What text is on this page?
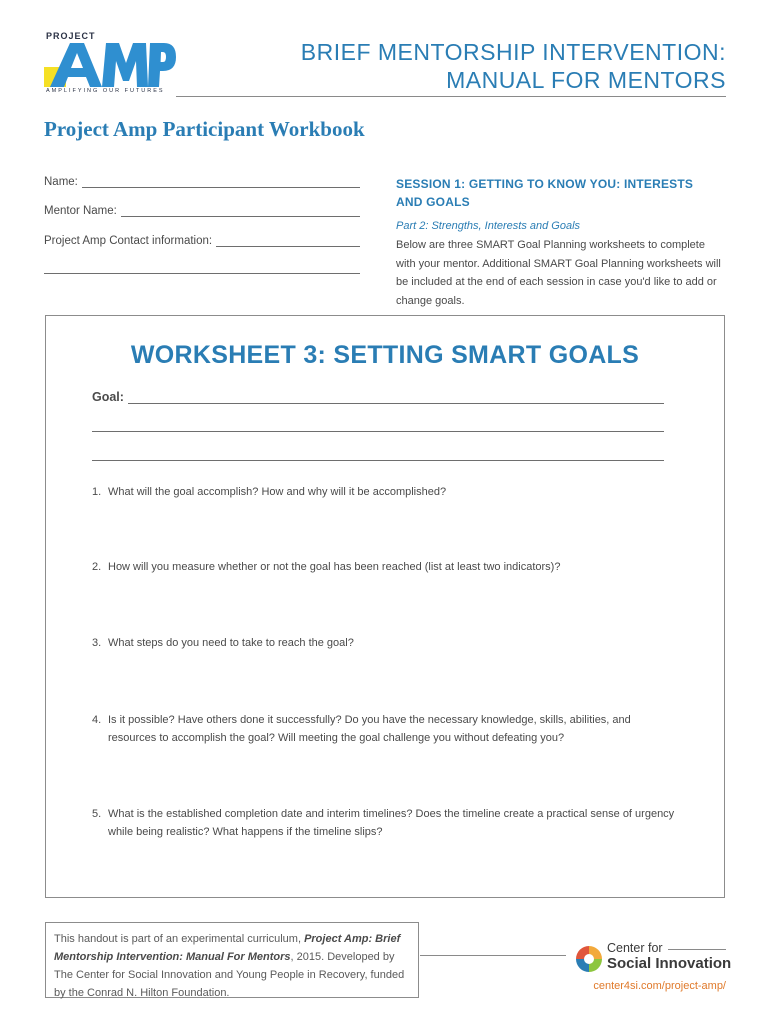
PROJECT
AMPLIFYING OUR FUTURES
BRIEF MENTORSHIP INTERVENTION:
MANUAL FOR MENTORS
Project Amp Participant Workbook
Name:
Mentor Name:
Project Amp Contact information:
SESSION 1: GETTING TO KNOW YOU: INTERESTS
AND GOALS
Part 2: Strengths, Interests and Goals
Below are three SMART Goal Planning worksheets to complete with your mentor. Additional SMART Goal Planning worksheets will be included at the end of each session in case you'd like to add or change goals.
WORKSHEET 3: SETTING SMART GOALS
Goal:
1. What will the goal accomplish? How and why will it be accomplished?
2. How will you measure whether or not the goal has been reached (list at least two indicators)?
3. What steps do you need to take to reach the goal?
4. Is it possible? Have others done it successfully? Do you have the necessary knowledge, skills, abilities, and resources to accomplish the goal? Will meeting the goal challenge you without defeating you?
5. What is the established completion date and interim timelines? Does the timeline create a practical sense of urgency while being realistic? What happens if the timeline slips?
This handout is part of an experimental curriculum, Project Amp: Brief Mentorship Intervention: Manual For Mentors, 2015. Developed by The Center for Social Innovation and Young People in Recovery, funded by the Conrad N. Hilton Foundation.
Center for
Social Innovation
center4si.com/project-amp/
